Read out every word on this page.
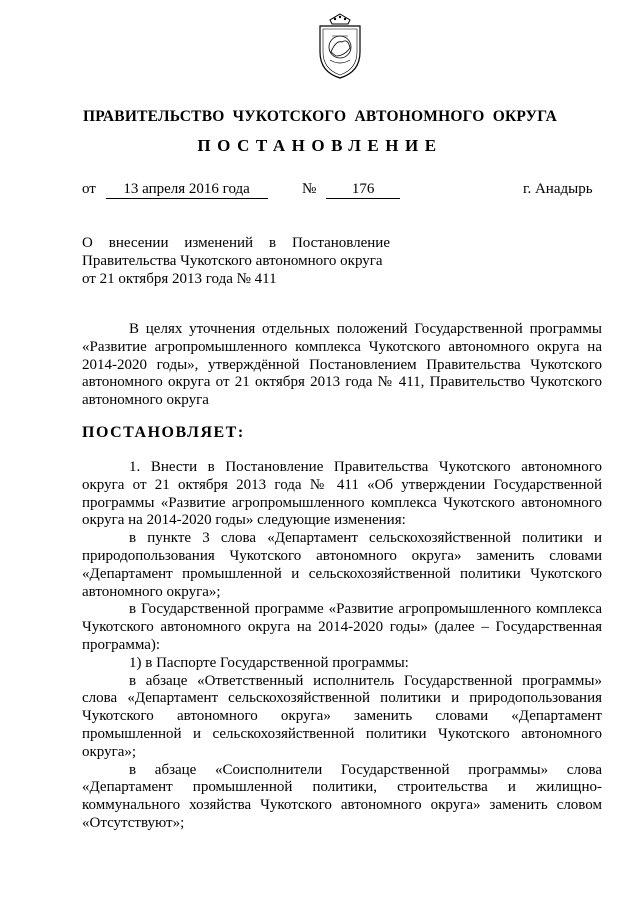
ПРАВИТЕЛЬСТВО  ЧУКОТСКОГО  АВТОНОМНОГО  ОКРУГА
ПОСТАНОВЛЕНИЕ
от 13 апреля 2016 года	№ 176	г. Анадырь
О внесении изменений в Постановление
Правительства Чукотского автономного округа
от 21 октября 2013 года № 411
В целях уточнения отдельных положений Государственной программы «Развитие агропромышленного комплекса Чукотского автономного округа на 2014-2020 годы», утверждённой Постановлением Правительства Чукотского автономного округа от 21 октября 2013 года № 411, Правительство Чукотского автономного округа
ПОСТАНОВЛЯЕТ:
1. Внести в Постановление Правительства Чукотского автономного округа от 21 октября 2013 года № 411 «Об утверждении Государственной программы «Развитие агропромышленного комплекса Чукотского автономного округа на 2014-2020 годы» следующие изменения:
в пункте 3 слова «Департамент сельскохозяйственной политики и природопользования Чукотского автономного округа» заменить словами «Департамент промышленной и сельскохозяйственной политики Чукотского автономного округа»;
в Государственной программе «Развитие агропромышленного комплекса Чукотского автономного округа на 2014-2020 годы» (далее – Государственная программа):
1) в Паспорте Государственной программы:
в абзаце «Ответственный исполнитель Государственной программы» слова «Департамент сельскохозяйственной политики и природопользования Чукотского автономного округа» заменить словами «Департамент промышленной и сельскохозяйственной политики Чукотского автономного округа»;
в абзаце «Соисполнители Государственной программы» слова «Департамент промышленной политики, строительства и жилищно-коммунального хозяйства Чукотского автономного округа» заменить словом «Отсутствуют»;
